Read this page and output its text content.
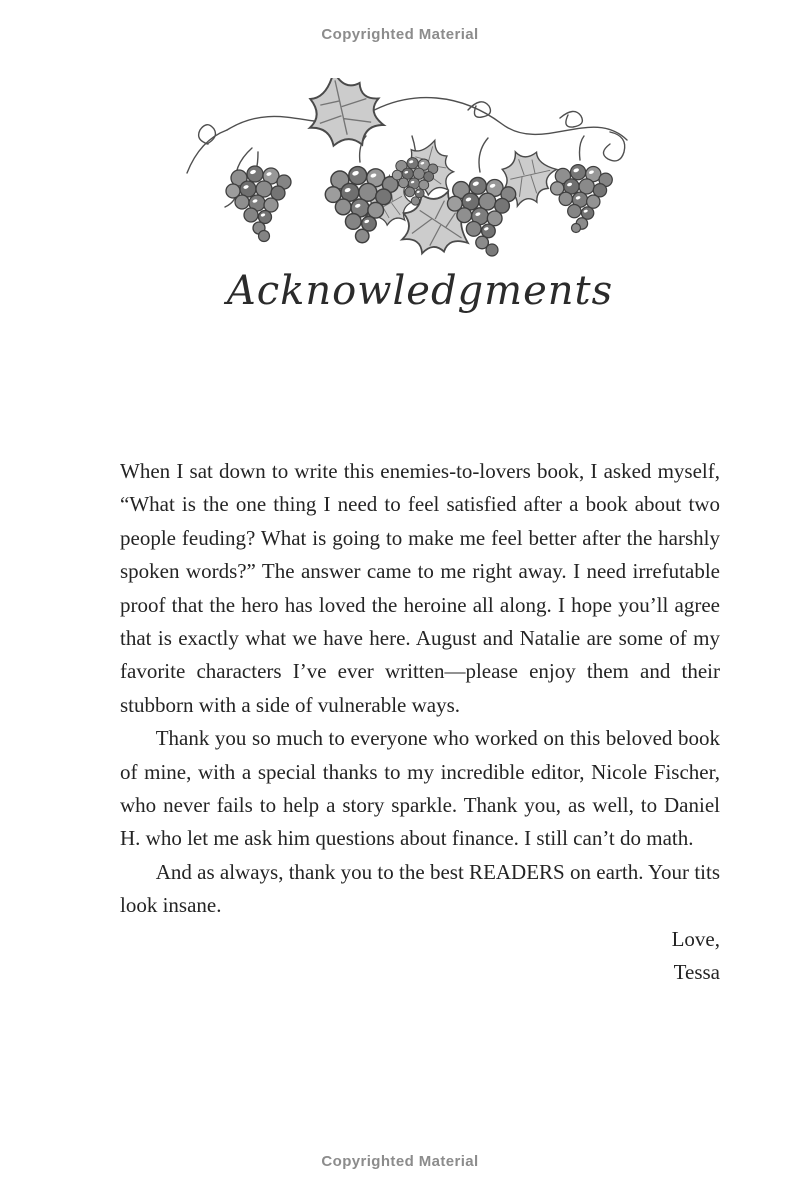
Copyrighted Material
Acknowledgments

When I sat down to write this enemies-to-lovers book, I asked myself, “What is the one thing I need to feel satisfied after a book about two people feuding? What is going to make me feel better after the harshly spoken words?” The answer came to me right away. I need irrefutable proof that the hero has loved the heroine all along. I hope you’ll agree that is exactly what we have here. August and Natalie are some of my favorite characters I’ve ever written—please enjoy them and their stubborn with a side of vulnerable ways.

Thank you so much to everyone who worked on this beloved book of mine, with a special thanks to my incredible editor, Nicole Fischer, who never fails to help a story sparkle. Thank you, as well, to Daniel H. who let me ask him questions about finance. I still can’t do math.

And as always, thank you to the best READERS on earth. Your tits look insane.

Love,
Tessa
Copyrighted Material
